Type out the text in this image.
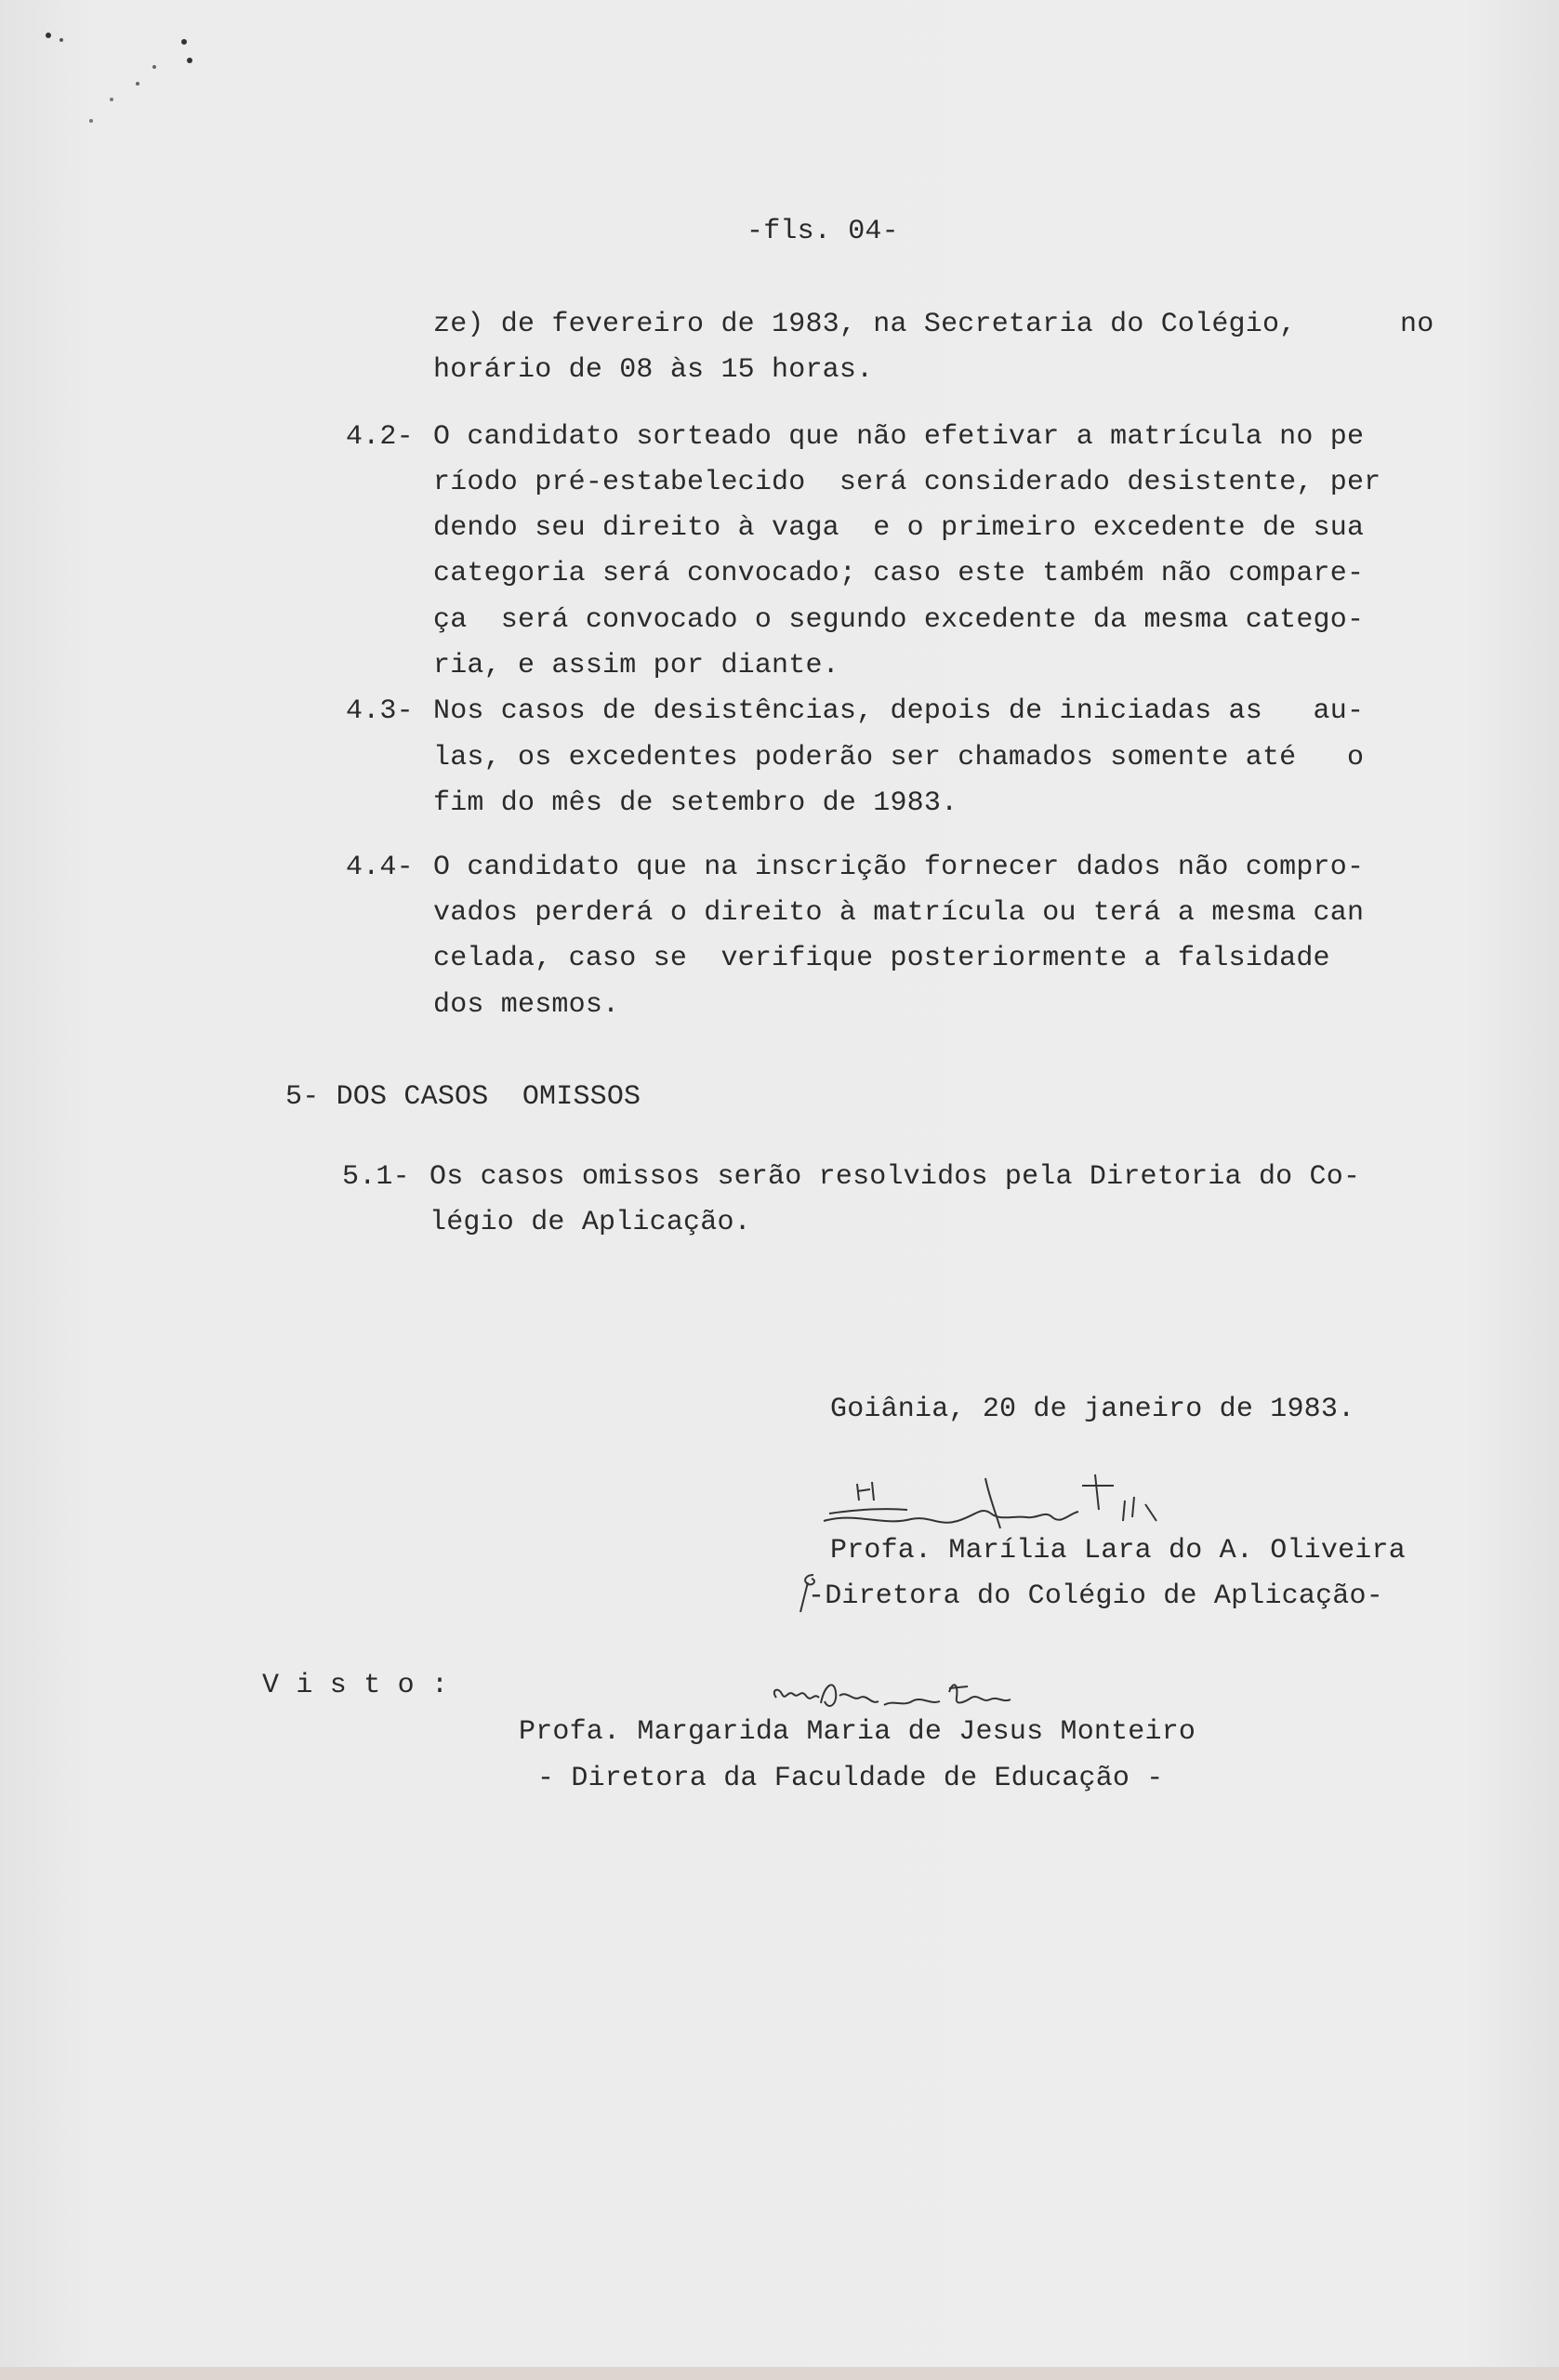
-fls. 04-
ze) de fevereiro de 1983, na Secretaria do Colégio,	no
horário de 08 às 15 horas.
4.2- O candidato sorteado que não efetivar a matrícula no pe
ríodo pré-estabelecido  será considerado desistente, per
dendo seu direito à vaga  e o primeiro excedente de sua
categoria será convocado; caso este também não compare-
ça  será convocado o segundo excedente da mesma catego-
ria, e assim por diante.
4.3- Nos casos de desistências, depois de iniciadas as   au-
las, os excedentes poderão ser chamados somente até   o
fim do mês de setembro de 1983.
4.4- O candidato que na inscrição fornecer dados não compro-
vados perderá o direito à matrícula ou terá a mesma can
celada, caso se  verifique posteriormente a falsidade
dos mesmos.
5- DOS CASOS  OMISSOS
5.1- Os casos omissos serão resolvidos pela Diretoria do Co-
légio de Aplicação.
Goiânia, 20 de janeiro de 1983.
Profa. Marília Lara do A. Oliveira
-Diretora do Colégio de Aplicação-
V i s t o :
Profa. Margarida Maria de Jesus Monteiro
- Diretora da Faculdade de Educação -
